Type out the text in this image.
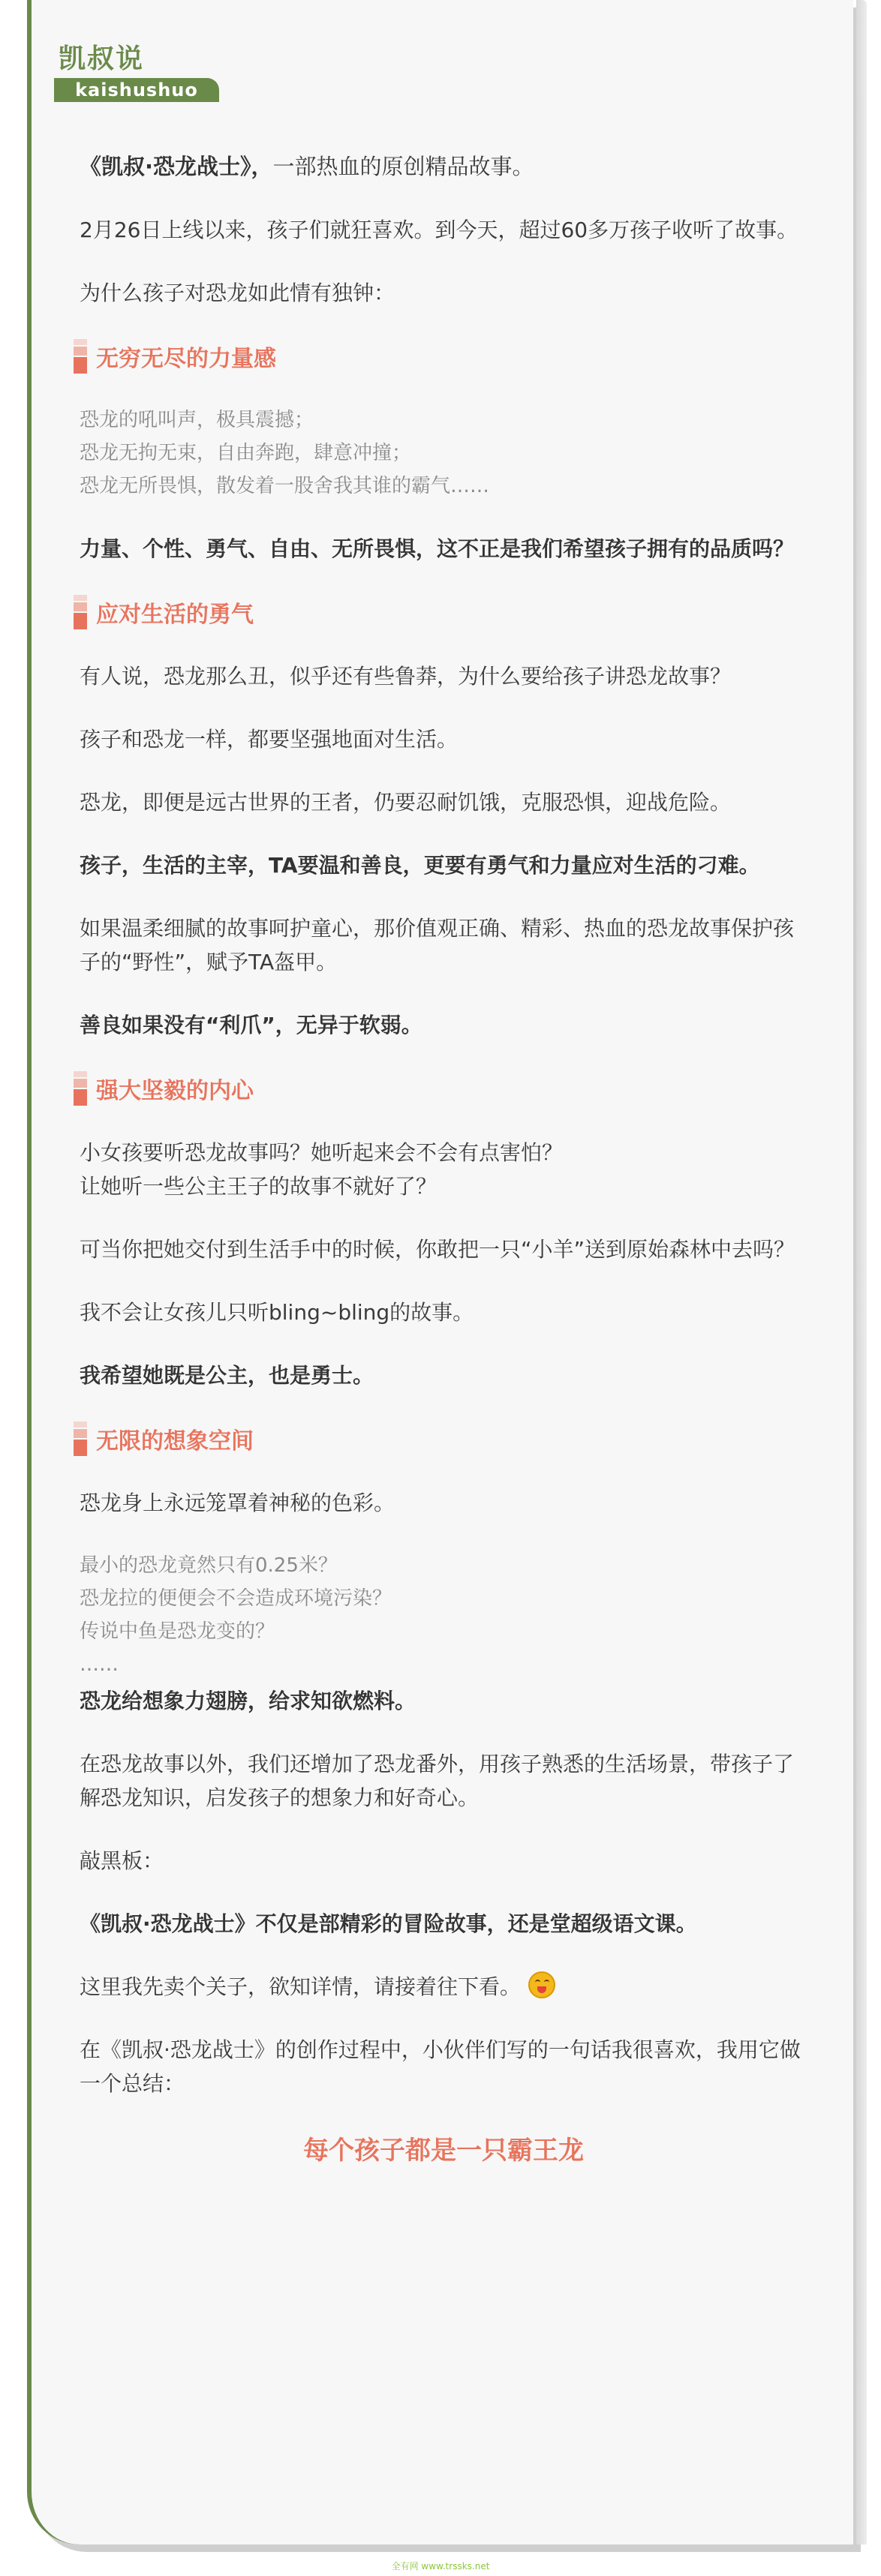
凯叔说
kaishushuo
《凯叔·恐龙战士》，一部热血的原创精品故事。
2月26日上线以来，孩子们就狂喜欢。到今天，超过60多万孩子收听了故事。
为什么孩子对恐龙如此情有独钟：
无穷无尽的力量感
恐龙的吼叫声，极具震撼；
恐龙无拘无束，自由奔跑，肆意冲撞；
恐龙无所畏惧，散发着一股舍我其谁的霸气……
力量、个性、勇气、自由、无所畏惧，这不正是我们希望孩子拥有的品质吗？
应对生活的勇气
有人说，恐龙那么丑，似乎还有些鲁莽，为什么要给孩子讲恐龙故事？
孩子和恐龙一样，都要坚强地面对生活。
恐龙，即便是远古世界的王者，仍要忍耐饥饿，克服恐惧，迎战危险。
孩子，生活的主宰，TA要温和善良，更要有勇气和力量应对生活的刁难。
如果温柔细腻的故事呵护童心，那价值观正确、精彩、热血的恐龙故事保护孩子的“野性”，赋予TA盔甲。
善良如果没有“利爪”，无异于软弱。
强大坚毅的内心
小女孩要听恐龙故事吗？她听起来会不会有点害怕？
让她听一些公主王子的故事不就好了？
可当你把她交付到生活手中的时候，你敢把一只“小羊”送到原始森林中去吗？
我不会让女孩儿只听bling~bling的故事。
我希望她既是公主，也是勇士。
无限的想象空间
恐龙身上永远笼罩着神秘的色彩。
最小的恐龙竟然只有0.25米？
恐龙拉的便便会不会造成环境污染？
传说中鱼是恐龙变的？
……
恐龙给想象力翅膀，给求知欲燃料。
在恐龙故事以外，我们还增加了恐龙番外，用孩子熟悉的生活场景，带孩子了解恐龙知识，启发孩子的想象力和好奇心。
敲黑板：
《凯叔·恐龙战士》不仅是部精彩的冒险故事，还是堂超级语文课。
这里我先卖个关子，欲知详情，请接着往下看。
在《凯叔·恐龙战士》的创作过程中，小伙伴们写的一句话我很喜欢，我用它做一个总结：
每个孩子都是一只霸王龙
全有网 www.trssks.net
